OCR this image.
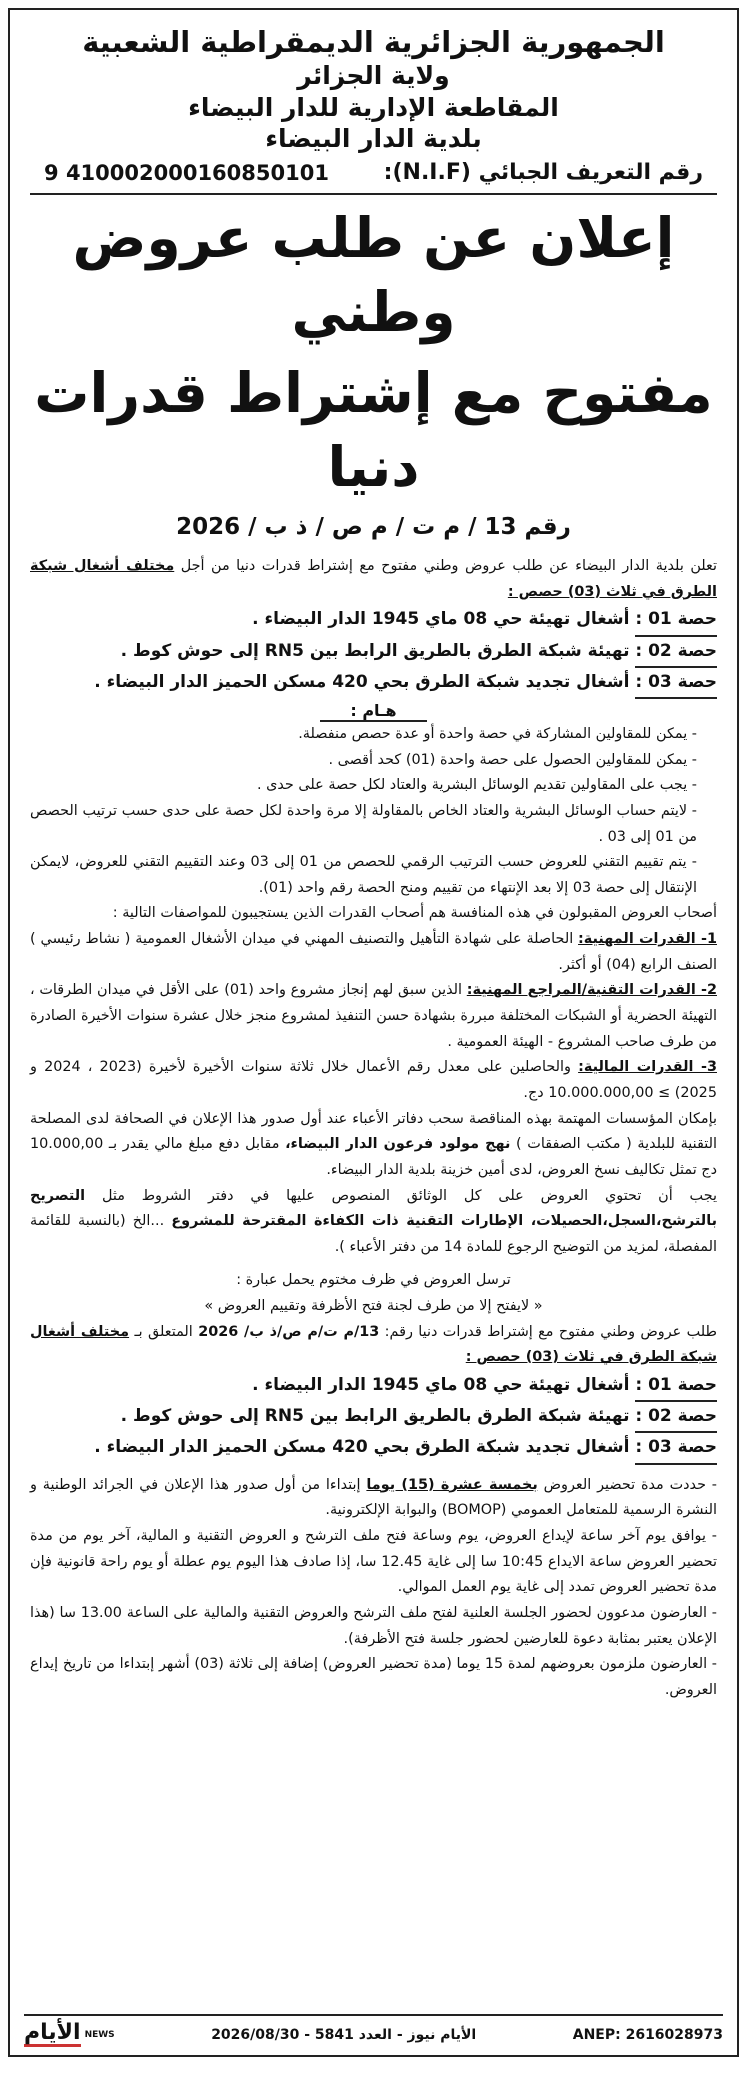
الجمهورية الجزائرية الديمقراطية الشعبية
ولاية الجزائر
المقاطعة الإدارية للدار البيضاء
بلدية الدار البيضاء
رقم التعريف الجبائي (N.I.F):
410002000160850101 9
إعلان عن طلب عروض وطني
مفتوح مع إشتراط قدرات دنيا
رقم 13 / م ت / م ص / ذ ب / 2026

تعلن بلدية الدار البيضاء عن طلب عروض وطني مفتوح مع إشتراط قدرات دنيا من أجل مختلف أشغال شبكة الطرق في ثلاث (03) حصص :

حصة 01 : أشغال تهيئة حي 08 ماي 1945 الدار البيضاء .
حصة 02 : تهيئة شبكة الطرق بالطريق الرابط بين RN5 إلى حوش كوط .
حصة 03 : أشغال تجديد شبكة الطرق بحي 420 مسكن الحميز الدار البيضاء .
هـام :

- يمكن للمقاولين المشاركة في حصة واحدة أو عدة حصص منفصلة.

- يمكن للمقاولين الحصول على حصة واحدة (01) كحد أقصى .

- يجب على المقاولين تقديم الوسائل البشرية والعتاد لكل حصة على حدى .

- لايتم حساب الوسائل البشرية والعتاد الخاص بالمقاولة إلا مرة واحدة لكل حصة على حدى حسب ترتيب الحصص من 01 إلى 03 .

- يتم تقييم التقني للعروض حسب الترتيب الرقمي للحصص من 01 إلى 03 وعند التقييم التقني للعروض، لايمكن الإنتقال إلى حصة 03 إلا بعد الإنتهاء من تقييم ومنح الحصة رقم واحد (01).

أصحاب العروض المقبولون في هذه المنافسة هم أصحاب القدرات الذين يستجيبون للمواصفات التالية :

1- القدرات المهنية: الحاصلة على شهادة التأهيل والتصنيف المهني في ميدان الأشغال العمومية ( نشاط رئيسي ) الصنف الرابع (04) أو أكثر.

2- القدرات التقنية/المراجع المهنية: الذين سبق لهم إنجاز مشروع واحد (01) على الأقل في ميدان الطرقات ، التهيئة الحضرية أو الشبكات المختلفة مبررة بشهادة حسن التنفيذ لمشروع منجز خلال عشرة سنوات الأخيرة الصادرة من طرف صاحب المشروع - الهيئة العمومية .

3- القدرات المالية: والحاصلين على معدل رقم الأعمال خلال ثلاثة سنوات الأخيرة لأخيرة (2023 ، 2024 و 2025) ≥ 10.000.000,00 دج.

بإمكان المؤسسات المهتمة بهذه المناقصة سحب دفاتر الأعباء عند أول صدور هذا الإعلان في الصحافة لدى المصلحة التقنية للبلدية ( مكتب الصفقات ) نهج مولود فرعون الدار البيضاء، مقابل دفع مبلغ مالي يقدر بـ 10.000,00 دج تمثل تكاليف نسخ العروض، لدى أمين خزينة بلدية الدار البيضاء.

يجب أن تحتوي العروض على كل الوثائق المنصوص عليها في دفتر الشروط مثل التصريح بالترشح،السجل،الحصيلات، الإطارات التقنية ذات الكفاءة المقترحة للمشروع ...الخ (بالنسبة للقائمة المفصلة، لمزيد من التوضيح الرجوع للمادة 14 من دفتر الأعباء ).

ترسل العروض في ظرف مختوم يحمل عبارة :

« لايفتح إلا من طرف لجنة فتح الأظرفة وتقييم العروض »

طلب عروض وطني مفتوح مع إشتراط قدرات دنيا رقم: 13/م ت/م ص/ذ ب/ 2026 المتعلق بـ مختلف أشغال شبكة الطرق في ثلاث (03) حصص :

حصة 01 : أشغال تهيئة حي 08 ماي 1945 الدار البيضاء .
حصة 02 : تهيئة شبكة الطرق بالطريق الرابط بين RN5 إلى حوش كوط .
حصة 03 : أشغال تجديد شبكة الطرق بحي 420 مسكن الحميز الدار البيضاء .

- حددت مدة تحضير العروض بخمسة عشرة (15) يوما إبتداءا من أول صدور هذا الإعلان في الجرائد الوطنية و النشرة الرسمية للمتعامل العمومي (BOMOP) والبوابة الإلكترونية.

- يوافق يوم آخر ساعة لإيداع العروض، يوم وساعة فتح ملف الترشح و العروض التقنية و المالية، آخر يوم من مدة تحضير العروض ساعة الايداع 10:45 سا إلى غاية 12.45 سا، إذا صادف هذا اليوم يوم عطلة أو يوم راحة قانونية فإن مدة تحضير العروض تمدد إلى غاية يوم العمل الموالي.

- العارضون مدعوون لحضور الجلسة العلنية لفتح ملف الترشح والعروض التقنية والمالية على الساعة 13.00 سا (هذا الإعلان يعتبر بمثابة دعوة للعارضين لحضور جلسة فتح الأظرفة).

- العارضون ملزمون بعروضهم لمدة 15 يوما (مدة تحضير العروض) إضافة إلى ثلاثة (03) أشهر إبتداءا من تاريخ إيداع العروض.

ANEP: 2616028973
الأيام نيوز - العدد 5841 - 2026/08/30
NEWS
الأيام
